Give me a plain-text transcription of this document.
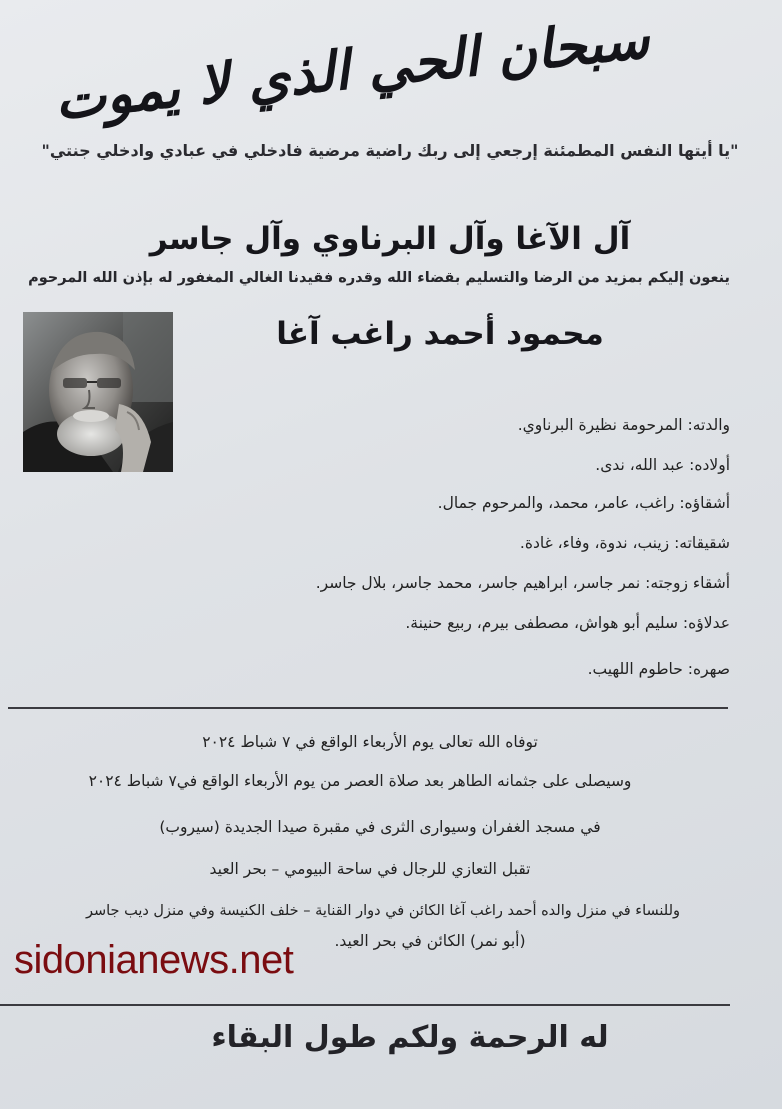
سبحان الحي الذي لا يموت
"يا أيتها النفس المطمئنة إرجعي إلى ربك راضية مرضية فادخلي في عبادي وادخلي جنتي"
آل الآغا وآل البرناوي وآل جاسر
ينعون إليكم بمزيد من الرضا والتسليم بقضاء الله وقدره فقيدنا الغالي المغفور له بإذن الله المرحوم
محمود أحمد راغب آغا
والدته: المرحومة نظيرة البرناوي.
أولاده: عبد الله، ندى.
أشقاؤه: راغب، عامر، محمد، والمرحوم جمال.
شقيقاته: زينب، ندوة، وفاء، غادة.
أشقاء زوجته: نمر جاسر، ابراهيم جاسر، محمد جاسر، بلال جاسر.
عدلاؤه: سليم أبو هواش، مصطفى بيرم، ربيع حنينة.
صهره: حاطوم اللهيب.
توفاه الله تعالى يوم الأربعاء الواقع في ٧ شباط ٢٠٢٤
وسيصلى على جثمانه الطاهر بعد صلاة العصر من يوم الأربعاء الواقع في٧ شباط ٢٠٢٤
في مسجد الغفران وسيوارى الثرى في مقبرة صيدا الجديدة (سيروب)
تقبل التعازي للرجال في ساحة البيومي – بحر العيد
وللنساء في منزل والده أحمد راغب آغا الكائن في دوار القناية – خلف الكنيسة وفي منزل ديب جاسر
(أبو نمر) الكائن في بحر العيد.
sidonianews.net
له الرحمة ولكم طول البقاء
